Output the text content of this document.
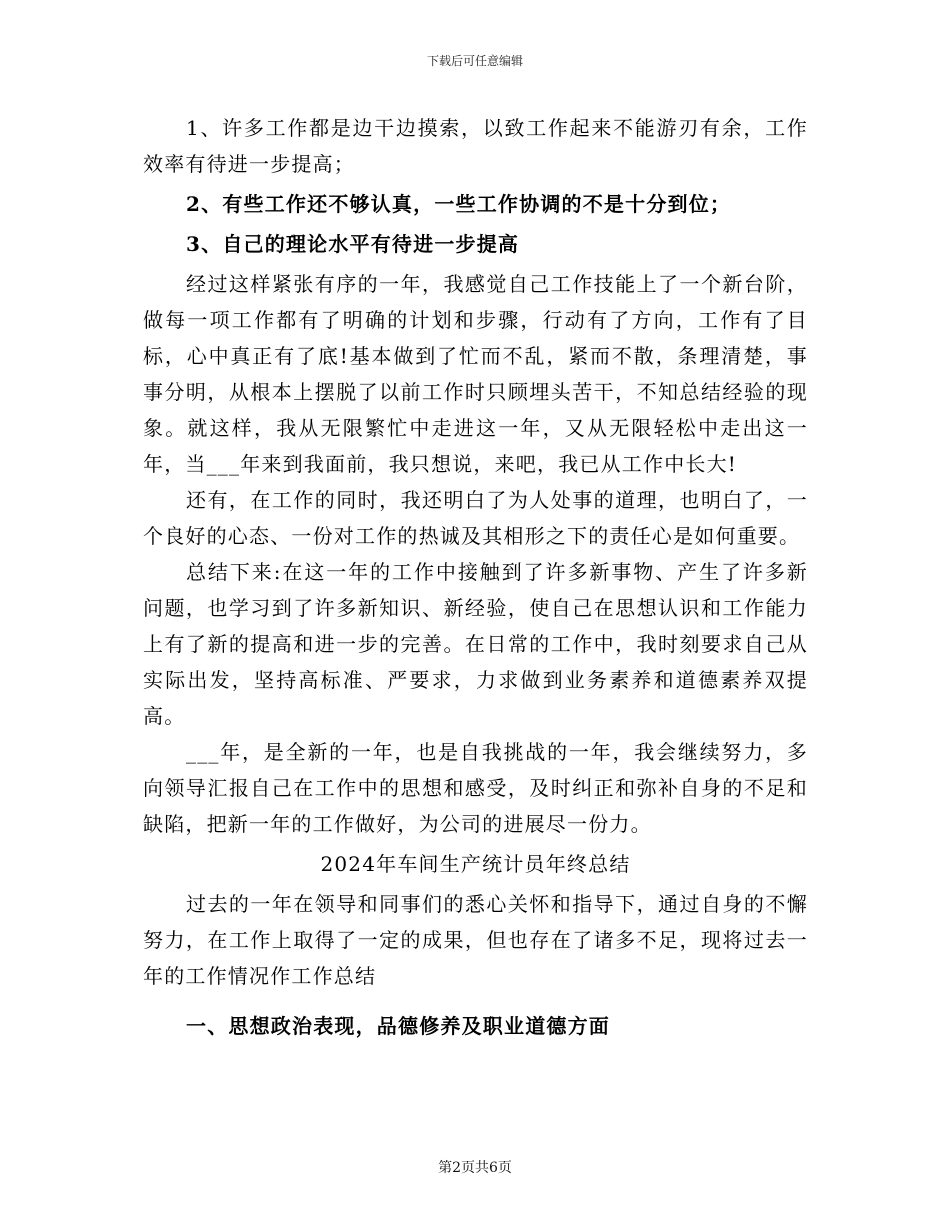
下载后可任意编辑

1、许多工作都是边干边摸索，以致工作起来不能游刃有余，工作效率有待进一步提高；

2、有些工作还不够认真，一些工作协调的不是十分到位；

3、自己的理论水平有待进一步提高

经过这样紧张有序的一年，我感觉自己工作技能上了一个新台阶，做每一项工作都有了明确的计划和步骤，行动有了方向，工作有了目标，心中真正有了底!基本做到了忙而不乱，紧而不散，条理清楚，事事分明，从根本上摆脱了以前工作时只顾埋头苦干，不知总结经验的现象。就这样，我从无限繁忙中走进这一年，又从无限轻松中走出这一年，当___年来到我面前，我只想说，来吧，我已从工作中长大!

还有，在工作的同时，我还明白了为人处事的道理，也明白了，一个良好的心态、一份对工作的热诚及其相形之下的责任心是如何重要。

总结下来:在这一年的工作中接触到了许多新事物、产生了许多新问题，也学习到了许多新知识、新经验，使自己在思想认识和工作能力上有了新的提高和进一步的完善。在日常的工作中，我时刻要求自己从实际出发，坚持高标准、严要求，力求做到业务素养和道德素养双提高。

___年，是全新的一年，也是自我挑战的一年，我会继续努力，多向领导汇报自己在工作中的思想和感受，及时纠正和弥补自身的不足和缺陷，把新一年的工作做好，为公司的进展尽一份力。

2024年车间生产统计员年终总结

过去的一年在领导和同事们的悉心关怀和指导下，通过自身的不懈努力，在工作上取得了一定的成果，但也存在了诸多不足，现将过去一年的工作情况作工作总结

一、思想政治表现，品德修养及职业道德方面

第2页共6页
